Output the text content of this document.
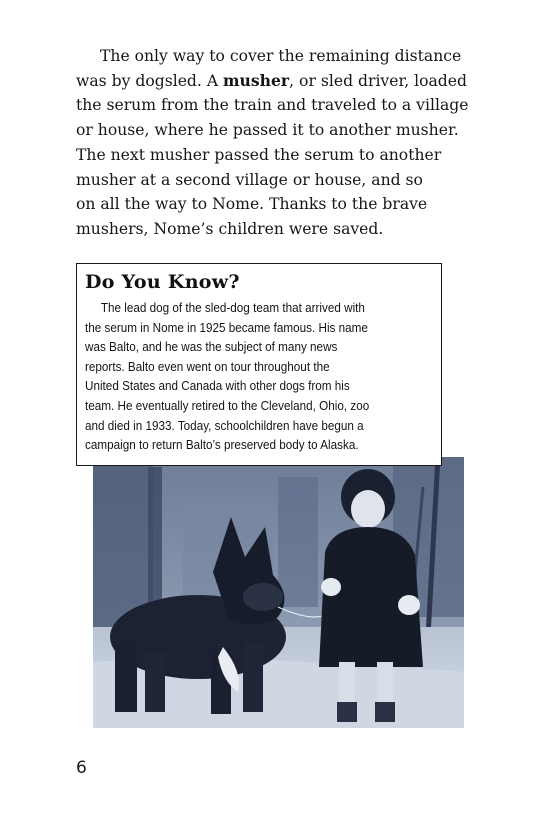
The only way to cover the remaining distance
was by dogsled. A musher, or sled driver, loaded
the serum from the train and traveled to a village
or house, where he passed it to another musher.
The next musher passed the serum to another
musher at a second village or house, and so
on all the way to Nome. Thanks to the brave
mushers, Nome’s children were saved.

Do You Know?
The lead dog of the sled-dog team that arrived with
the serum in Nome in 1925 became famous. His name
was Balto, and he was the subject of many news
reports. Balto even went on tour throughout the
United States and Canada with other dogs from his
team. He eventually retired to the Cleveland, Ohio, zoo
and died in 1933. Today, schoolchildren have begun a
campaign to return Balto’s preserved body to Alaska.
6
